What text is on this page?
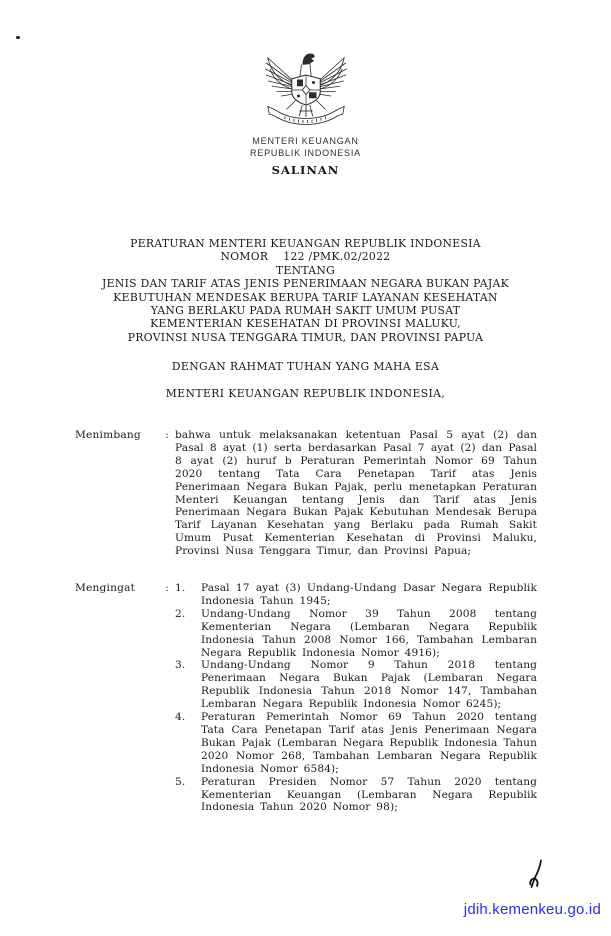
MENTERI KEUANGAN
REPUBLIK INDONESIA
SALINAN
PERATURAN MENTERI KEUANGAN REPUBLIK INDONESIA
NOMOR    122 /PMK.02/2022
TENTANG
JENIS DAN TARIF ATAS JENIS PENERIMAAN NEGARA BUKAN PAJAK
KEBUTUHAN MENDESAK BERUPA TARIF LAYANAN KESEHATAN
YANG BERLAKU PADA RUMAH SAKIT UMUM PUSAT
KEMENTERIAN KESEHATAN DI PROVINSI MALUKU,
PROVINSI NUSA TENGGARA TIMUR, DAN PROVINSI PAPUA
DENGAN RAHMAT TUHAN YANG MAHA ESA
MENTERI KEUANGAN REPUBLIK INDONESIA,
Menimbang	: bahwa untuk melaksanakan ketentuan Pasal 5 ayat (2) dan Pasal 8 ayat (1) serta berdasarkan Pasal 7 ayat (2) dan Pasal 8 ayat (2) huruf b Peraturan Pemerintah Nomor 69 Tahun 2020 tentang Tata Cara Penetapan Tarif atas Jenis Penerimaan Negara Bukan Pajak, perlu menetapkan Peraturan Menteri Keuangan tentang Jenis dan Tarif atas Jenis Penerimaan Negara Bukan Pajak Kebutuhan Mendesak Berupa Tarif Layanan Kesehatan yang Berlaku pada Rumah Sakit Umum Pusat Kementerian Kesehatan di Provinsi Maluku, Provinsi Nusa Tenggara Timur, dan Provinsi Papua;
Mengingat	: 1.	Pasal 17 ayat (3) Undang-Undang Dasar Negara Republik Indonesia Tahun 1945;
2.	Undang-Undang Nomor 39 Tahun 2008 tentang Kementerian Negara (Lembaran Negara Republik Indonesia Tahun 2008 Nomor 166, Tambahan Lembaran Negara Republik Indonesia Nomor 4916);
3.	Undang-Undang Nomor 9 Tahun 2018 tentang Penerimaan Negara Bukan Pajak (Lembaran Negara Republik Indonesia Tahun 2018 Nomor 147, Tambahan Lembaran Negara Republik Indonesia Nomor 6245);
4.	Peraturan Pemerintah Nomor 69 Tahun 2020 tentang Tata Cara Penetapan Tarif atas Jenis Penerimaan Negara Bukan Pajak (Lembaran Negara Republik Indonesia Tahun 2020 Nomor 268, Tambahan Lembaran Negara Republik Indonesia Nomor 6584);
5.	Peraturan Presiden Nomor 57 Tahun 2020 tentang Kementerian Keuangan (Lembaran Negara Republik Indonesia Tahun 2020 Nomor 98);
jdih.kemenkeu.go.id
